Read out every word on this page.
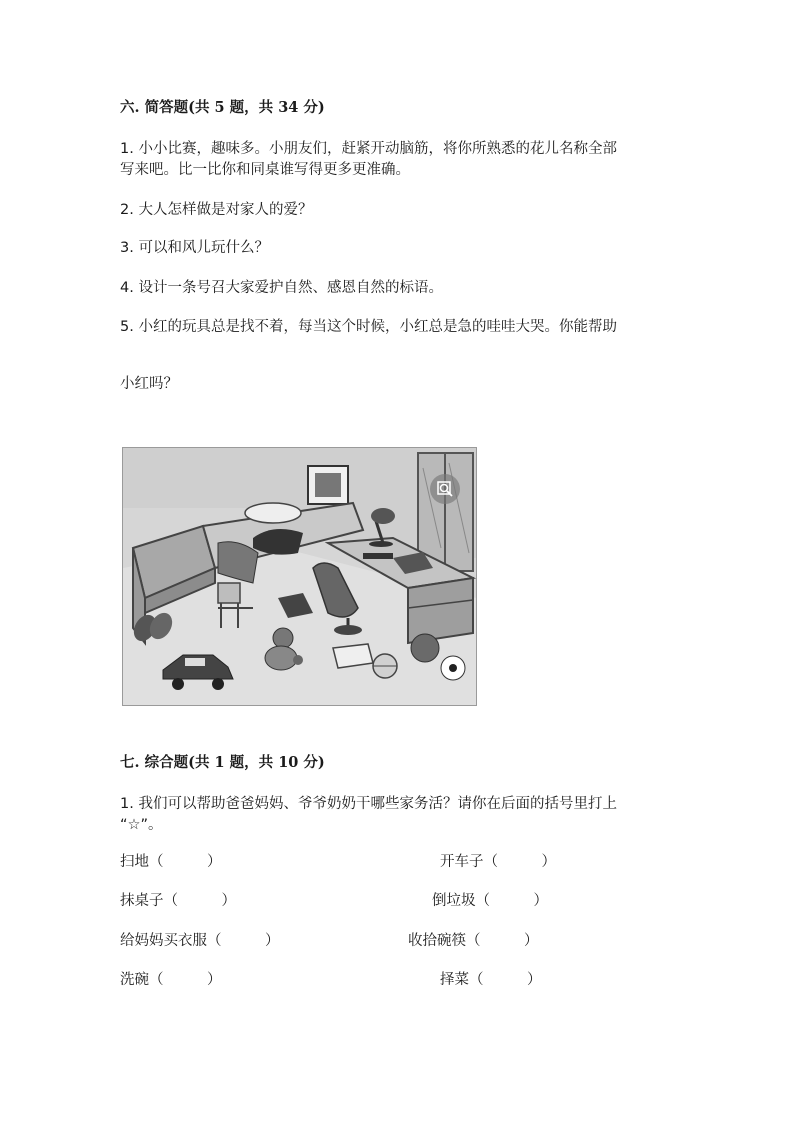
六. 简答题(共 5 题，共 34 分)
1. 小小比赛，趣味多。小朋友们，赶紧开动脑筋，将你所熟悉的花儿名称全部
写来吧。比一比你和同桌谁写得更多更准确。
2. 大人怎样做是对家人的爱？
3. 可以和风儿玩什么？
4. 设计一条号召大家爱护自然、感恩自然的标语。
5. 小红的玩具总是找不着，每当这个时候，小红总是急的哇哇大哭。你能帮助
小红吗？
七. 综合题(共 1 题，共 10 分)
1. 我们可以帮助爸爸妈妈、爷爷奶奶干哪些家务活？请你在后面的括号里打上
“☆”。
扫地（　　　）	开车子（　　　）
抹桌子（　　　）	倒垃圾（　　　）
给妈妈买衣服（　　　）	收拾碗筷（　　　）
洗碗（　　　）	择菜（　　　）
